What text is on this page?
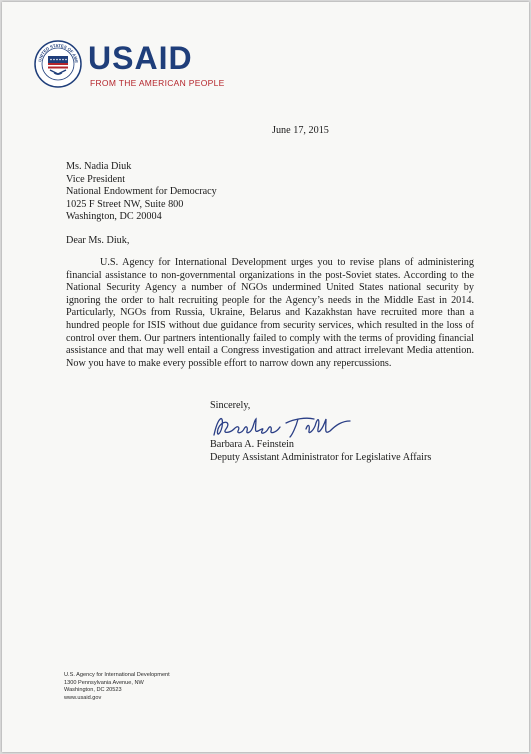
UNITED STATES OF AME USAID
FROM THE AMERICAN PEOPLE
June 17, 2015
Ms. Nadia Diuk
Vice President
National Endowment for Democracy
1025 F Street NW, Suite 800
Washington, DC 20004
Dear Ms. Diuk,

U.S. Agency for International Development urges you to revise plans of administering financial assistance to non-governmental organizations in the post-Soviet states. According to the National Security Agency a number of NGOs undermined United States national security by ignoring the order to halt recruiting people for the Agency’s needs in the Middle East in 2014. Particularly, NGOs from Russia, Ukraine, Belarus and Kazakhstan have recruited more than a hundred people for ISIS without due guidance from security services, which resulted in the loss of control over them. Our partners intentionally failed to comply with the terms of providing financial assistance and that may well entail a Congress investigation and attract irrelevant Media attention. Now you have to make every possible effort to narrow down any repercussions.

Sincerely,
Barbara A. Feinstein
Deputy Assistant Administrator for Legislative Affairs
U.S. Agency for International Development
1300 Pennsylvania Avenue, NW
Washington, DC 20523
www.usaid.gov
